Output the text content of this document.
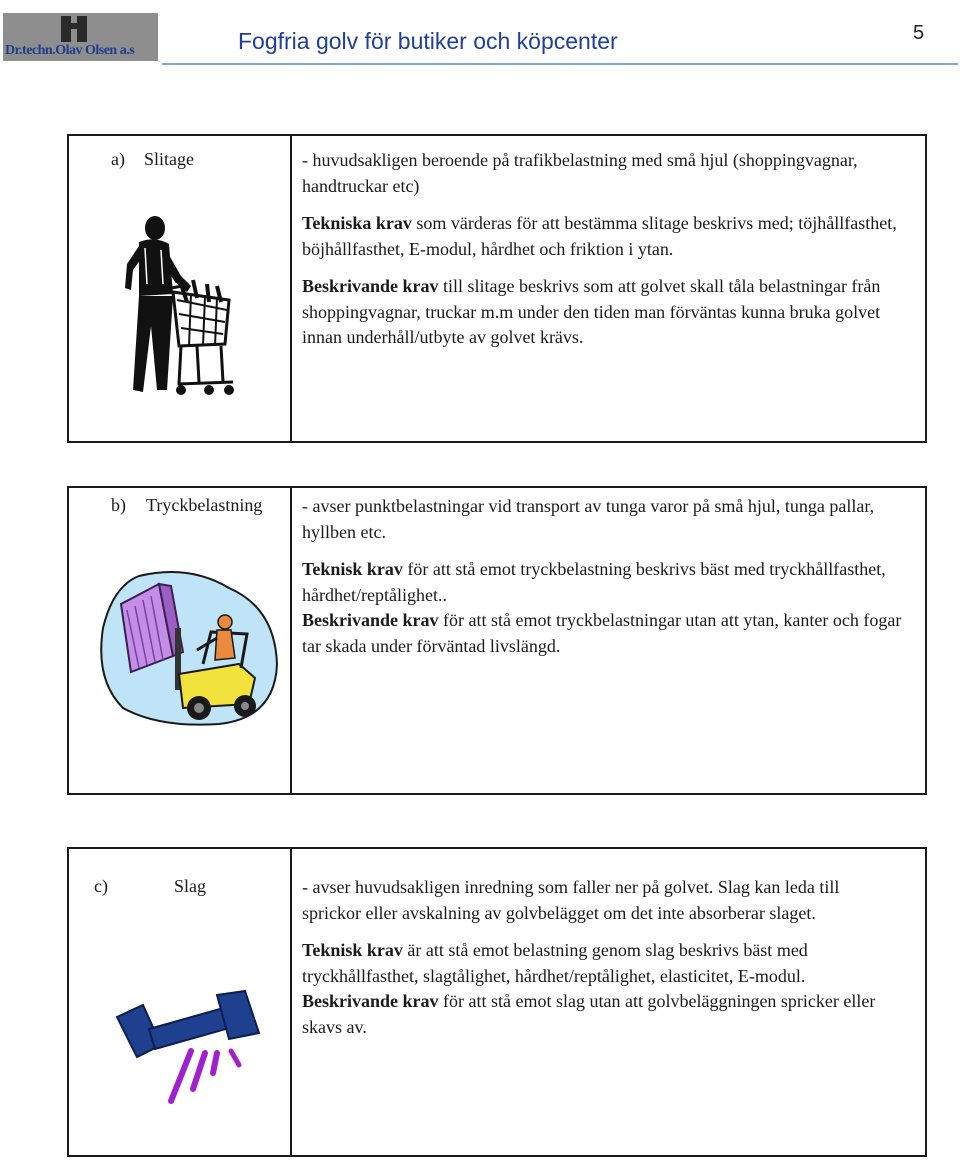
Dr.techn.Olav Olsen a.s	Fogfria golv för butiker och köpcenter	5
a) Slitage	- huvudsakligen beroende på trafikbelastning med små hjul (shoppingvagnar, handtruckar etc)

Tekniska krav som värderas för att bestämma slitage beskrivs med; töjhållfasthet, böjhållfasthet, E-modul, hårdhet och friktion i ytan.

Beskrivande krav till slitage beskrivs som att golvet skall tåla belastningar från shoppingvagnar, truckar m.m under den tiden man förväntas kunna bruka golvet innan underhåll/utbyte av golvet krävs.

b) Tryckbelastning - avser punktbelastningar vid transport av tunga varor på små hjul, tunga pallar, hyllben etc.

Teknisk krav för att stå emot tryckbelastning beskrivs bäst med tryckhållfasthet, hårdhet/reptålighet..

Beskrivande krav för att stå emot tryckbelastningar utan att ytan, kanter och fogar tar skada under förväntad livslängd.

c)	Slag	- avser huvudsakligen inredning som faller ner på golvet. Slag kan leda till sprickor eller avskalning av golvbelägget om det inte absorberar slaget.

Teknisk krav är att stå emot belastning genom slag beskrivs bäst med tryckhållfasthet, slagtålighet, hårdhet/reptålighet, elasticitet, E-modul.

Beskrivande krav för att stå emot slag utan att golvbeläggningen spricker eller skavs av.
